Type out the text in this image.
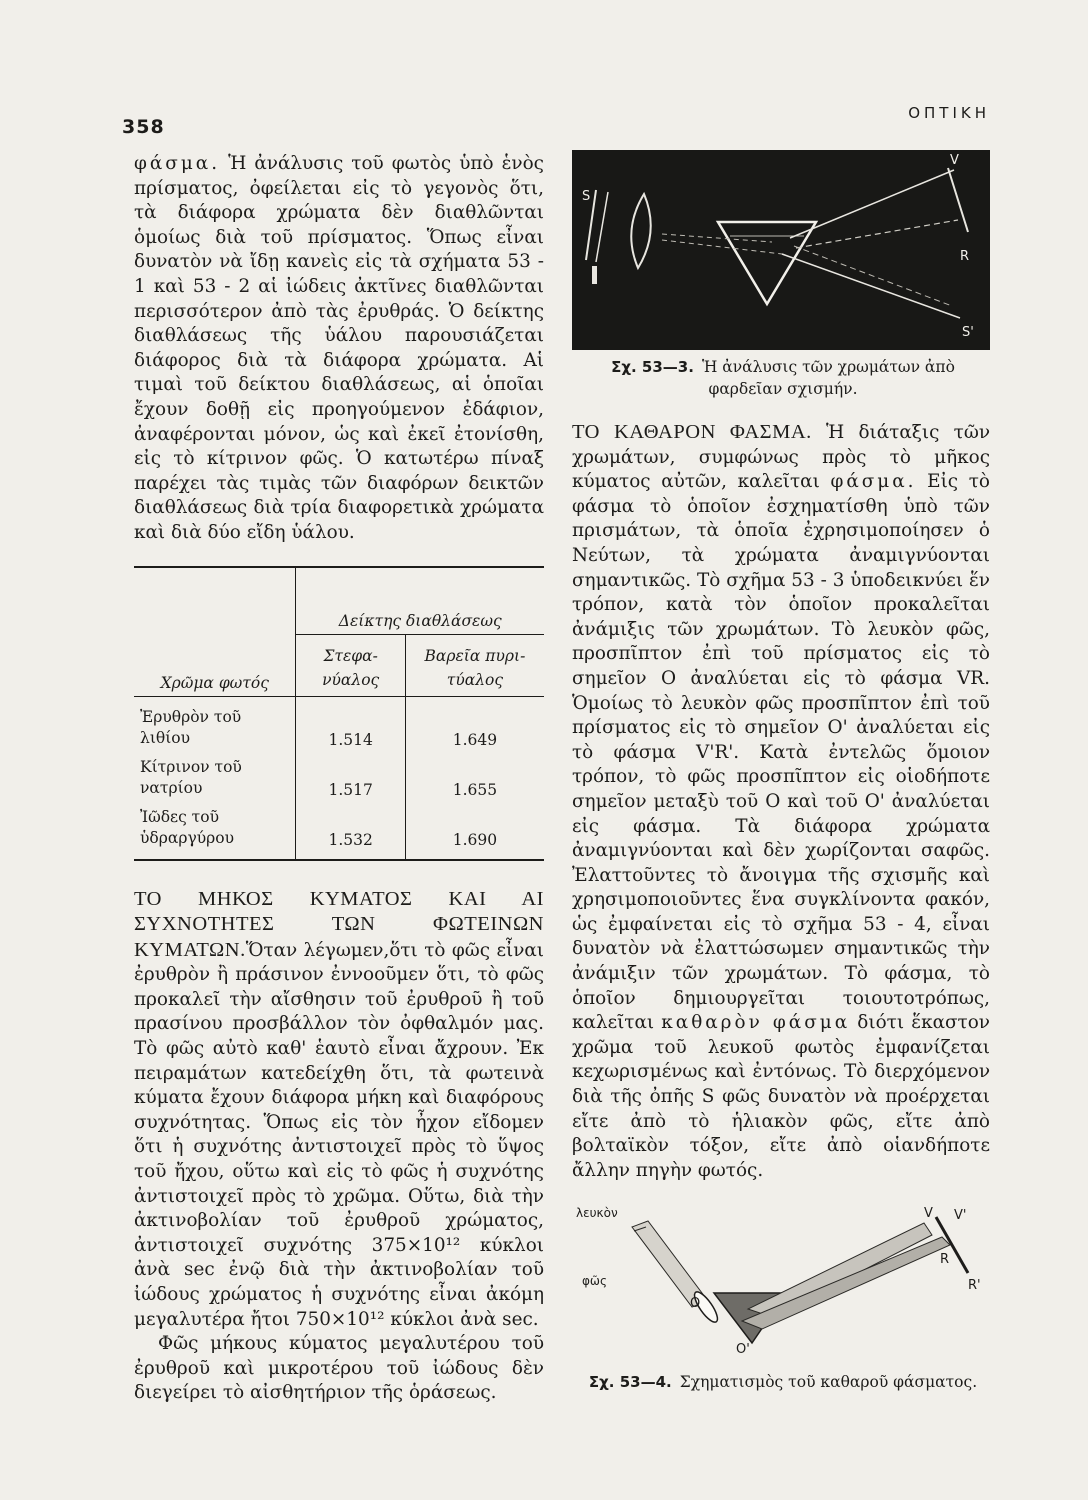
358
ΟΠΤΙΚΗ

φάσμα. Ἡ ἀνάλυσις τοῦ φωτὸς ὑπὸ ἑνὸς πρίσματος, ὀφείλεται εἰς τὸ γεγονὸς ὅτι, τὰ διάφορα χρώματα δὲν διαθλῶνται ὁμοίως διὰ τοῦ πρίσματος. Ὅπως εἶναι δυνατὸν νὰ ἴδῃ κανεὶς εἰς τὰ σχήματα 53 - 1 καὶ 53 - 2 αἱ ἰώδεις ἀκτῖνες διαθλῶνται περισσότερον ἀπὸ τὰς ἐρυθράς. Ὁ δείκτης διαθλάσεως τῆς ὑάλου παρουσιάζεται διάφορος διὰ τὰ διάφορα χρώματα. Αἱ τιμαὶ τοῦ δείκτου διαθλάσεως, αἱ ὁποῖαι ἔχουν δοθῇ εἰς προηγούμενον ἐδάφιον, ἀναφέρονται μόνον, ὡς καὶ ἐκεῖ ἐτονίσθη, εἰς τὸ κίτρινον φῶς. Ὁ κατωτέρω πίναξ παρέχει τὰς τιμὰς τῶν διαφόρων δεικτῶν διαθλάσεως διὰ τρία διαφορετικὰ χρώματα καὶ διὰ δύο εἴδη ὑάλου.

Χρῶμα φωτός	Δείκτης διαθλάσεως	
	Στεφα- νύαλος	Βαρεῖα πυρι- τύαλος
Ἐρυθρὸν τοῦ λιθίου	1.514	1.649
Κίτρινον τοῦ νατρίου	1.517	1.655
Ἰῶδες τοῦ ὑδραργύρου	1.532	1.690

ΤΟ ΜΗΚΟΣ ΚΥΜΑΤΟΣ ΚΑΙ ΑΙ ΣΥΧΝΟΤΗΤΕΣ ΤΩΝ ΦΩΤΕΙΝΩΝ ΚΥΜΑΤΩΝ.Ὅταν λέγωμεν,ὅτι τὸ φῶς εἶναι ἐρυθρὸν ἢ πράσινον ἐννοοῦμεν ὅτι, τὸ φῶς προκαλεῖ τὴν αἴσθησιν τοῦ ἐρυθροῦ ἢ τοῦ πρασίνου προσβάλλον τὸν ὀφθαλμόν μας. Τὸ φῶς αὐτὸ καθ' ἑαυτὸ εἶναι ἄχρουν. Ἐκ πειραμάτων κατεδείχθη ὅτι, τὰ φωτεινὰ κύματα ἔχουν διάφορα μήκη καὶ διαφόρους συχνότητας. Ὅπως εἰς τὸν ἦχον εἴδομεν ὅτι ἡ συχνότης ἀντιστοιχεῖ πρὸς τὸ ὕψος τοῦ ἤχου, οὕτω καὶ εἰς τὸ φῶς ἡ συχνότης ἀντιστοιχεῖ πρὸς τὸ χρῶμα. Οὕτω, διὰ τὴν ἀκτινοβολίαν τοῦ ἐρυθροῦ χρώματος, ἀντιστοιχεῖ συχνότης 375×10¹² κύκλοι ἀνὰ sec ἐνῷ διὰ τὴν ἀκτινοβολίαν τοῦ ἰώδους χρώματος ἡ συχνότης εἶναι ἀκόμη μεγαλυτέρα ἤτοι 750×10¹² κύκλοι ἀνὰ sec.

Φῶς μήκους κύματος μεγαλυτέρου τοῦ ἐρυθροῦ καὶ μικροτέρου τοῦ ἰώδους δὲν διεγείρει τὸ αἰσθητήριον τῆς ὁράσεως.

S
V
R
S'

Σχ. 53—3. Ἡ ἀνάλυσις τῶν χρωμάτων ἀπὸ φαρδεῖαν σχισμήν.

ΤΟ ΚΑΘΑΡΟΝ ΦΑΣΜΑ. Ἡ διάταξις τῶν χρωμάτων, συμφώνως πρὸς τὸ μῆκος κύματος αὐτῶν, καλεῖται φάσμα. Εἰς τὸ φάσμα τὸ ὁποῖον ἐσχηματίσθη ὑπὸ τῶν πρισμάτων, τὰ ὁποῖα ἐχρησιμοποίησεν ὁ Νεύτων, τὰ χρώματα ἀναμιγνύονται σημαντικῶς. Τὸ σχῆμα 53 - 3 ὑποδεικνύει ἕν τρόπον, κατὰ τὸν ὁποῖον προκαλεῖται ἀνάμιξις τῶν χρωμάτων. Τὸ λευκὸν φῶς, προσπῖπτον ἐπὶ τοῦ πρίσματος εἰς τὸ σημεῖον O ἀναλύεται εἰς τὸ φάσμα VR. Ὁμοίως τὸ λευκὸν φῶς προσπῖπτον ἐπὶ τοῦ πρίσματος εἰς τὸ σημεῖον O' ἀναλύεται εἰς τὸ φάσμα V'R'. Κατὰ ἐντελῶς ὅμοιον τρόπον, τὸ φῶς προσπῖπτον εἰς οἱοδήποτε σημεῖον μεταξὺ τοῦ O καὶ τοῦ O' ἀναλύεται εἰς φάσμα. Τὰ διάφορα χρώματα ἀναμιγνύονται καὶ δὲν χωρίζονται σαφῶς. Ἐλαττοῦντες τὸ ἄνοιγμα τῆς σχισμῆς καὶ χρησιμοποιοῦντες ἕνα συγκλίνοντα φακόν, ὡς ἐμφαίνεται εἰς τὸ σχῆμα 53 - 4, εἶναι δυνατὸν νὰ ἐλαττώσωμεν σημαντικῶς τὴν ἀνάμιξιν τῶν χρωμάτων. Τὸ φάσμα, τὸ ὁποῖον δημιουργεῖται τοιουτοτρόπως, καλεῖται καθαρὸν φάσμα διότι ἕκαστον χρῶμα τοῦ λευκοῦ φωτὸς ἐμφανίζεται κεχωρισμένως καὶ ἐντόνως. Τὸ διερχόμενον διὰ τῆς ὀπῆς S φῶς δυνατὸν νὰ προέρχεται εἴτε ἀπὸ τὸ ἡλιακὸν φῶς, εἴτε ἀπὸ βολταϊκὸν τόξον, εἴτε ἀπὸ οἱανδήποτε ἄλλην πηγὴν φωτός.

λευκὸν
φῶς
V V'
R
R'
O
O'

Σχ. 53—4. Σχηματισμὸς τοῦ καθαροῦ φάσματος.
